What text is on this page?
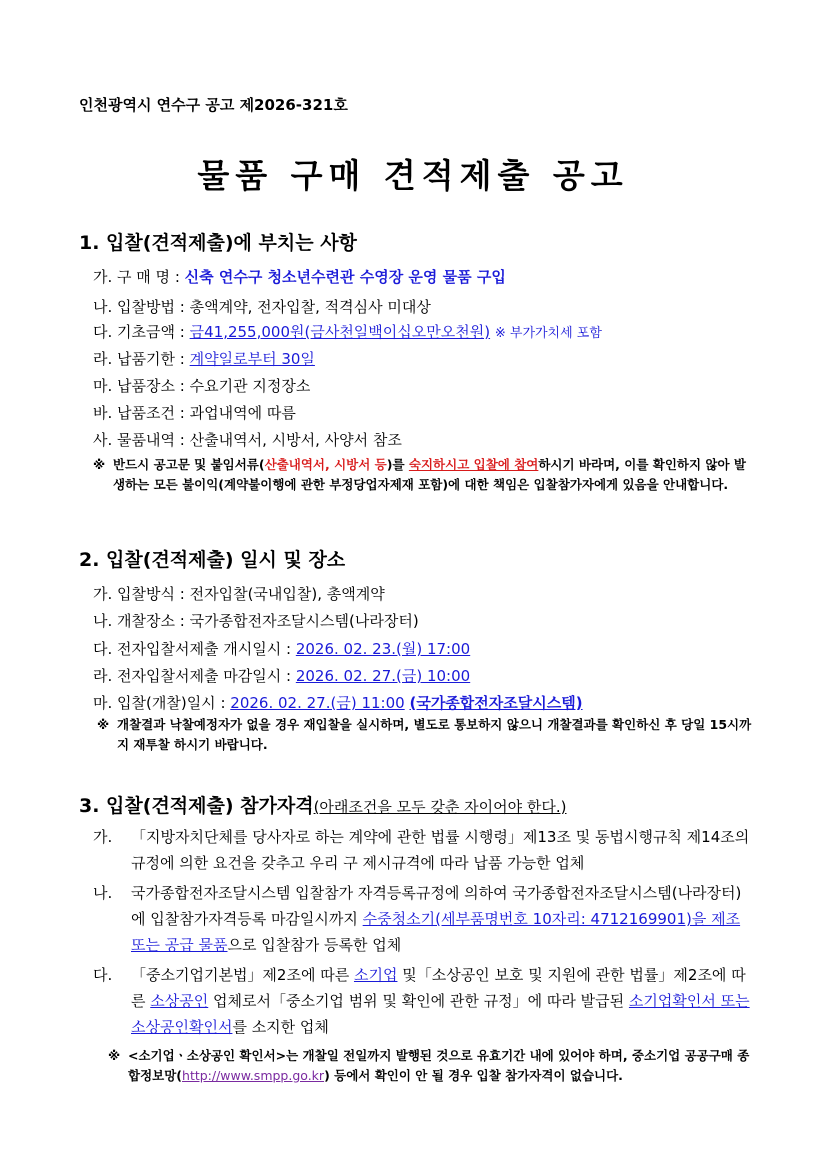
인천광역시 연수구 공고 제2026-321호
물품 구매 견적제출 공고
1. 입찰(견적제출)에 부치는 사항
가. 구 매 명 : 신축 연수구 청소년수련관 수영장 운영 물품 구입
나. 입찰방법 : 총액계약, 전자입찰, 적격심사 미대상
다. 기초금액 : 금41,255,000원(금사천일백이십오만오천원) ※ 부가가치세 포함
라. 납품기한 : 계약일로부터 30일
마. 납품장소 : 수요기관 지정장소
바. 납품조건 : 과업내역에 따름
사. 물품내역 : 산출내역서, 시방서, 사양서 참조
※ 반드시 공고문 및 붙임서류(산출내역서, 시방서 등)를 숙지하시고 입찰에 참여하시기 바라며, 이를 확인하지 않아 발생하는 모든 불이익(계약불이행에 관한 부정당업자제재 포함)에 대한 책임은 입찰참가자에게 있음을 안내합니다.
2. 입찰(견적제출) 일시 및 장소
가. 입찰방식 : 전자입찰(국내입찰), 총액계약
나. 개찰장소 : 국가종합전자조달시스템(나라장터)
다. 전자입찰서제출 개시일시 : 2026. 02. 23.(월) 17:00
라. 전자입찰서제출 마감일시 : 2026. 02. 27.(금) 10:00
마. 입찰(개찰)일시 : 2026. 02. 27.(금) 11:00 (국가종합전자조달시스템)
※ 개찰결과 낙찰예정자가 없을 경우 재입찰을 실시하며, 별도로 통보하지 않으니 개찰결과를 확인하신 후 당일 15시까지 재투찰 하시기 바랍니다.
3. 입찰(견적제출) 참가자격(아래조건을 모두 갖춘 자이어야 한다.)
가.	「지방자치단체를 당사자로 하는 계약에 관한 법률 시행령」제13조 및 동법시행규칙 제14조의 규정에 의한 요건을 갖추고 우리 구 제시규격에 따라 납품 가능한 업체
나.	국가종합전자조달시스템 입찰참가 자격등록규정에 의하여 국가종합전자조달시스템(나라장터)에 입찰참가자격등록 마감일시까지 수중청소기(세부품명번호 10자리: 4712169901)을 제조 또는 공급 물품으로 입찰참가 등록한 업체
다.	「중소기업기본법」제2조에 따른 소기업 및「소상공인 보호 및 지원에 관한 법률」제2조에 따른 소상공인 업체로서「중소기업 범위 및 확인에 관한 규정」에 따라 발급된 소기업확인서 또는 소상공인확인서를 소지한 업체
※ <소기업ㆍ소상공인 확인서>는 개찰일 전일까지 발행된 것으로 유효기간 내에 있어야 하며, 중소기업 공공구매 종합정보망(http://www.smpp.go.kr) 등에서 확인이 안 될 경우 입찰 참가자격이 없습니다.
